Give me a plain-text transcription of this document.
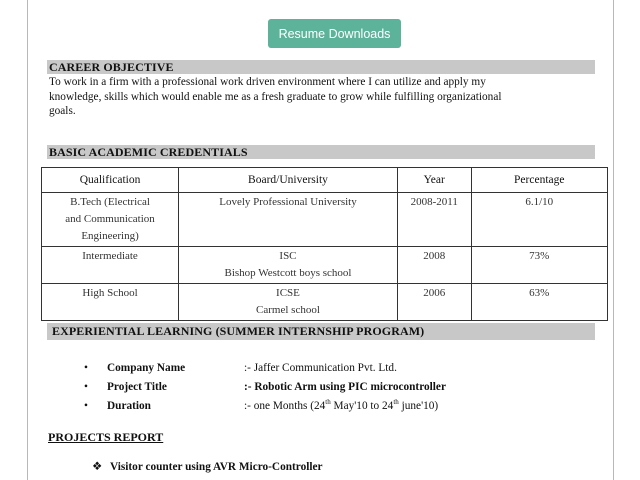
Resume Downloads
CAREER OBJECTIVE
To work in a firm with a professional work driven environment where I can utilize and apply my
knowledge, skills which would enable me as a fresh graduate to grow while fulfilling organizational
goals.
BASIC ACADEMIC CREDENTIALS
Qualification	Board/University	Year	Percentage

B.Tech (Electrical
and Communication
Engineering)	Lovely Professional University	2008-2011	6.1/10

Intermediate	ISC
Bishop Westcott boys school	2008	73%

High School	ICSE
Carmel school	2006	63%
EXPERIENTIAL LEARNING (SUMMER INTERNSHIP PROGRAM)
• Company Name	:- Jaffer Communication Pvt. Ltd.
• Project Title	:- Robotic Arm using PIC microcontroller
• Duration	:- one Months (24th May'10 to 24th june'10)
PROJECTS REPORT
❖ Visitor counter using AVR Micro-Controller
